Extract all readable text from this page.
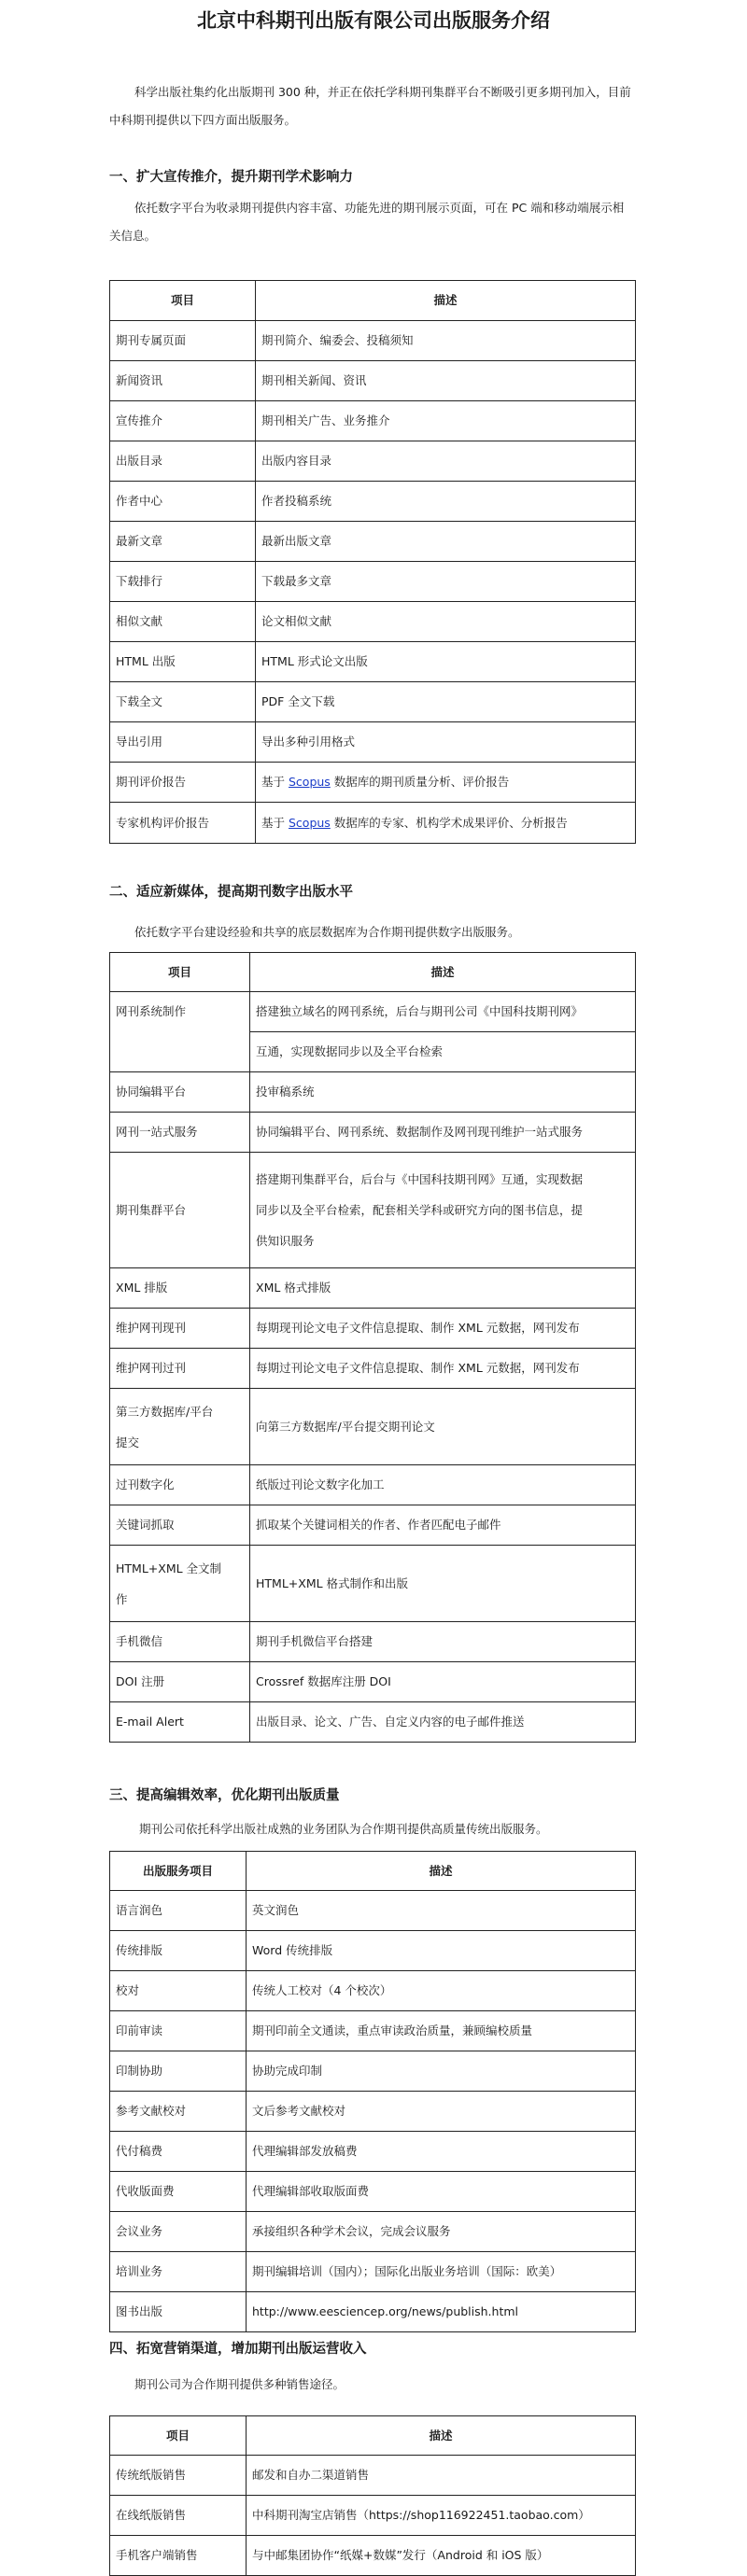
北京中科期刊出版有限公司出版服务介绍

科学出版社集约化出版期刊 300 种，并正在依托学科期刊集群平台不断吸引更多期刊加入，目前中科期刊提供以下四方面出版服务。

一、扩大宣传推介，提升期刊学术影响力

依托数字平台为收录期刊提供内容丰富、功能先进的期刊展示页面，可在 PC 端和移动端展示相关信息。

项目	描述
期刊专属页面	期刊简介、编委会、投稿须知
新闻资讯	期刊相关新闻、资讯
宣传推介	期刊相关广告、业务推介
出版目录	出版内容目录
作者中心	作者投稿系统
最新文章	最新出版文章
下载排行	下载最多文章
相似文献	论文相似文献
HTML 出版	HTML 形式论文出版
下载全文	PDF 全文下载
导出引用	导出多种引用格式
期刊评价报告	基于 Scopus 数据库的期刊质量分析、评价报告
专家机构评价报告	基于 Scopus 数据库的专家、机构学术成果评价、分析报告

二、适应新媒体，提高期刊数字出版水平

依托数字平台建设经验和共享的底层数据库为合作期刊提供数字出版服务。

项目	描述
网刊系统制作	搭建独立域名的网刊系统，后台与期刊公司《中国科技期刊网》
	互通，实现数据同步以及全平台检索
协同编辑平台	投审稿系统
网刊一站式服务	协同编辑平台、网刊系统、数据制作及网刊现刊维护一站式服务
期刊集群平台	搭建期刊集群平台，后台与《中国科技期刊网》互通，实现数据
同步以及全平台检索，配套相关学科或研究方向的图书信息，提
供知识服务

XML 排版	XML 格式排版
维护网刊现刊	每期现刊论文电子文件信息提取、制作 XML 元数据，网刊发布
维护网刊过刊	每期过刊论文电子文件信息提取、制作 XML 元数据，网刊发布

第三方数据库/平台
提交	向第三方数据库/平台提交期刊论文
过刊数字化	纸版过刊论文数字化加工
关键词抓取	抓取某个关键词相关的作者、作者匹配电子邮件

HTML+XML 全文制
作	HTML+XML 格式制作和出版
手机微信	期刊手机微信平台搭建
DOI 注册	Crossref 数据库注册 DOI
E-mail Alert	出版目录、论文、广告、自定义内容的电子邮件推送

三、提高编辑效率，优化期刊出版质量

期刊公司依托科学出版社成熟的业务团队为合作期刊提供高质量传统出版服务。

出版服务项目	描述
语言润色	英文润色
传统排版	Word 传统排版
校对	传统人工校对（4 个校次）
印前审读	期刊印前全文通读，重点审读政治质量，兼顾编校质量
印制协助	协助完成印制
参考文献校对	文后参考文献校对
代付稿费	代理编辑部发放稿费
代收版面费	代理编辑部收取版面费
会议业务	承接组织各种学术会议，完成会议服务
培训业务	期刊编辑培训（国内）；国际化出版业务培训（国际：欧美）
图书出版	http://www.eesciencep.org/news/publish.html

四、拓宽营销渠道，增加期刊出版运营收入

期刊公司为合作期刊提供多种销售途径。

项目	描述
传统纸版销售	邮发和自办二渠道销售
在线纸版销售	中科期刊淘宝店销售（https://shop116922451.taobao.com）
手机客户端销售	与中邮集团协作“纸媒+数媒”发行（Android 和 iOS 版）
